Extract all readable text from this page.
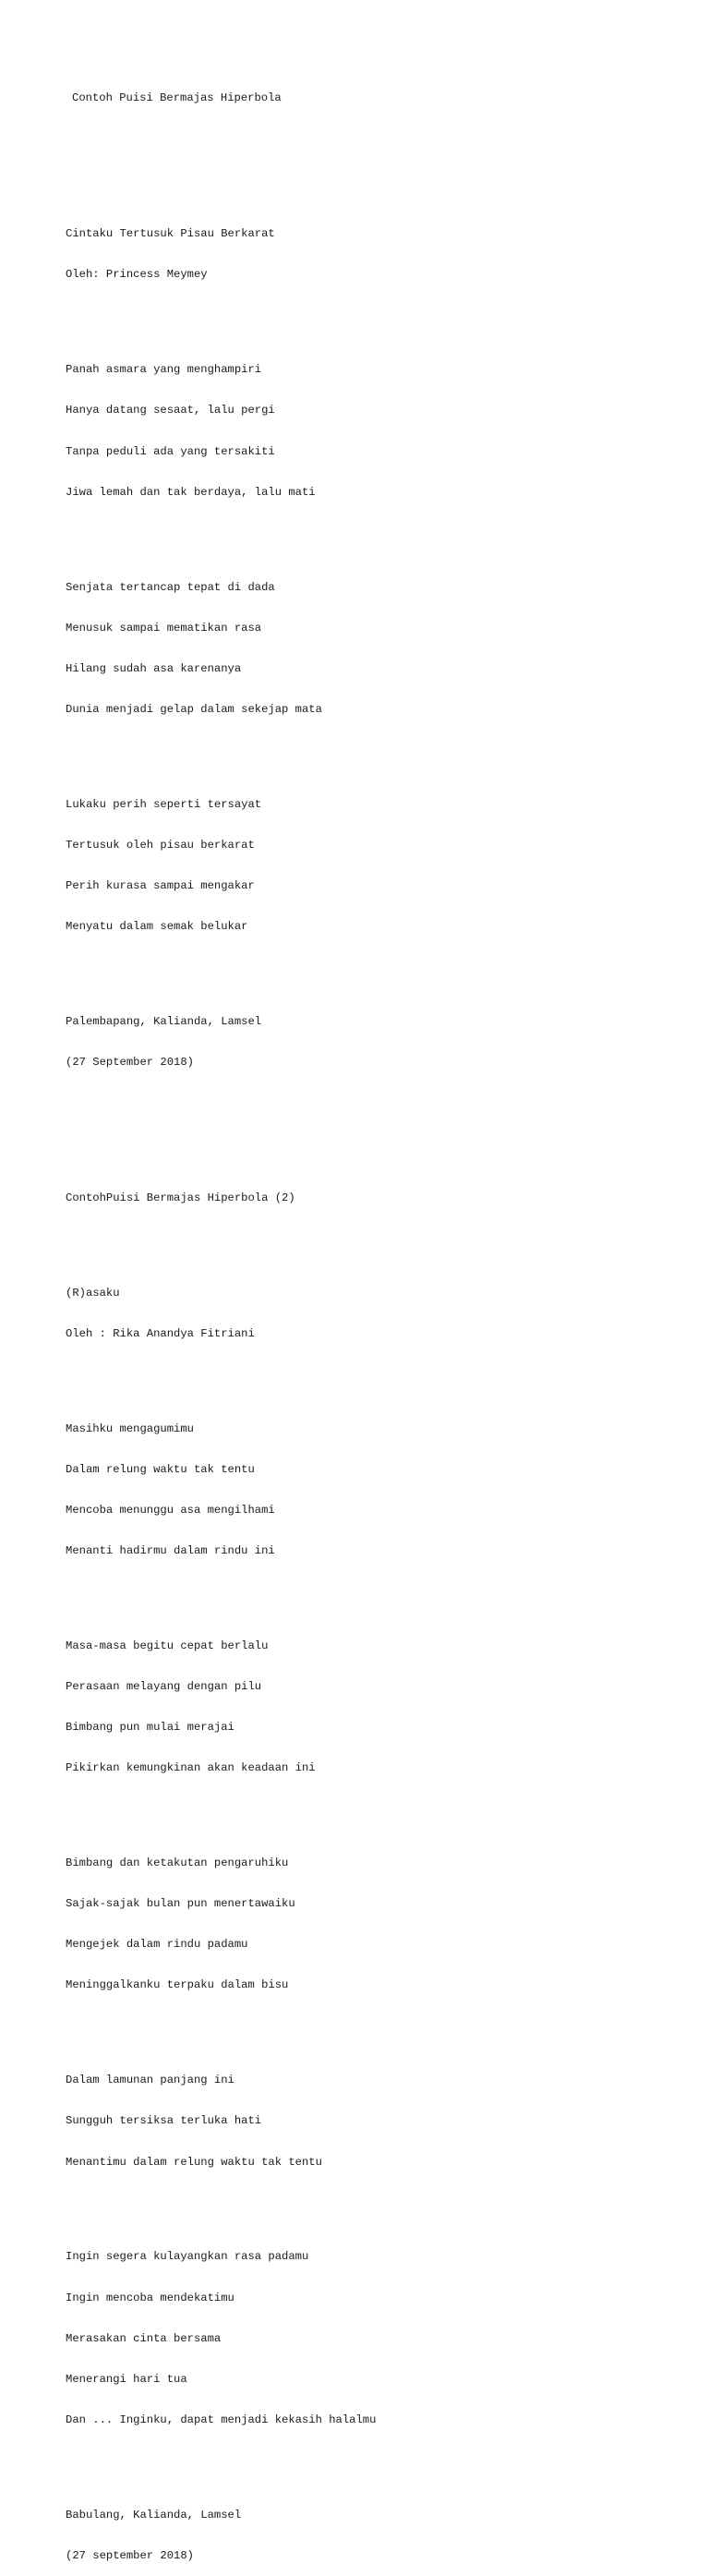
Contoh Puisi Bermajas Hiperbola

Cintaku Tertusuk Pisau Berkarat

Oleh: Princess Meymey

Panah asmara yang menghampiri

Hanya datang sesaat, lalu pergi

Tanpa peduli ada yang tersakiti

Jiwa lemah dan tak berdaya, lalu mati

Senjata tertancap tepat di dada

Menusuk sampai mematikan rasa

Hilang sudah asa karenanya

Dunia menjadi gelap dalam sekejap mata

Lukaku perih seperti tersayat

Tertusuk oleh pisau berkarat

Perih kurasa sampai mengakar

Menyatu dalam semak belukar

Palembapang, Kalianda, Lamsel

(27 September 2018)

ContohPuisi Bermajas Hiperbola (2)

(R)asaku

Oleh : Rika Anandya Fitriani

Masihku mengagumimu

Dalam relung waktu tak tentu

Mencoba menunggu asa mengilhami

Menanti hadirmu dalam rindu ini

Masa-masa begitu cepat berlalu

Perasaan melayang dengan pilu

Bimbang pun mulai merajai

Pikirkan kemungkinan akan keadaan ini

Bimbang dan ketakutan pengaruhiku

Sajak-sajak bulan pun menertawaiku

Mengejek dalam rindu padamu

Meninggalkanku terpaku dalam bisu

Dalam lamunan panjang ini

Sungguh tersiksa terluka hati

Menantimu dalam relung waktu tak tentu

Ingin segera kulayangkan rasa padamu

Ingin mencoba mendekatimu

Merasakan cinta bersama

Menerangi hari tua

Dan ... Inginku, dapat menjadi kekasih halalmu

Babulang, Kalianda, Lamsel

(27 september 2018)
